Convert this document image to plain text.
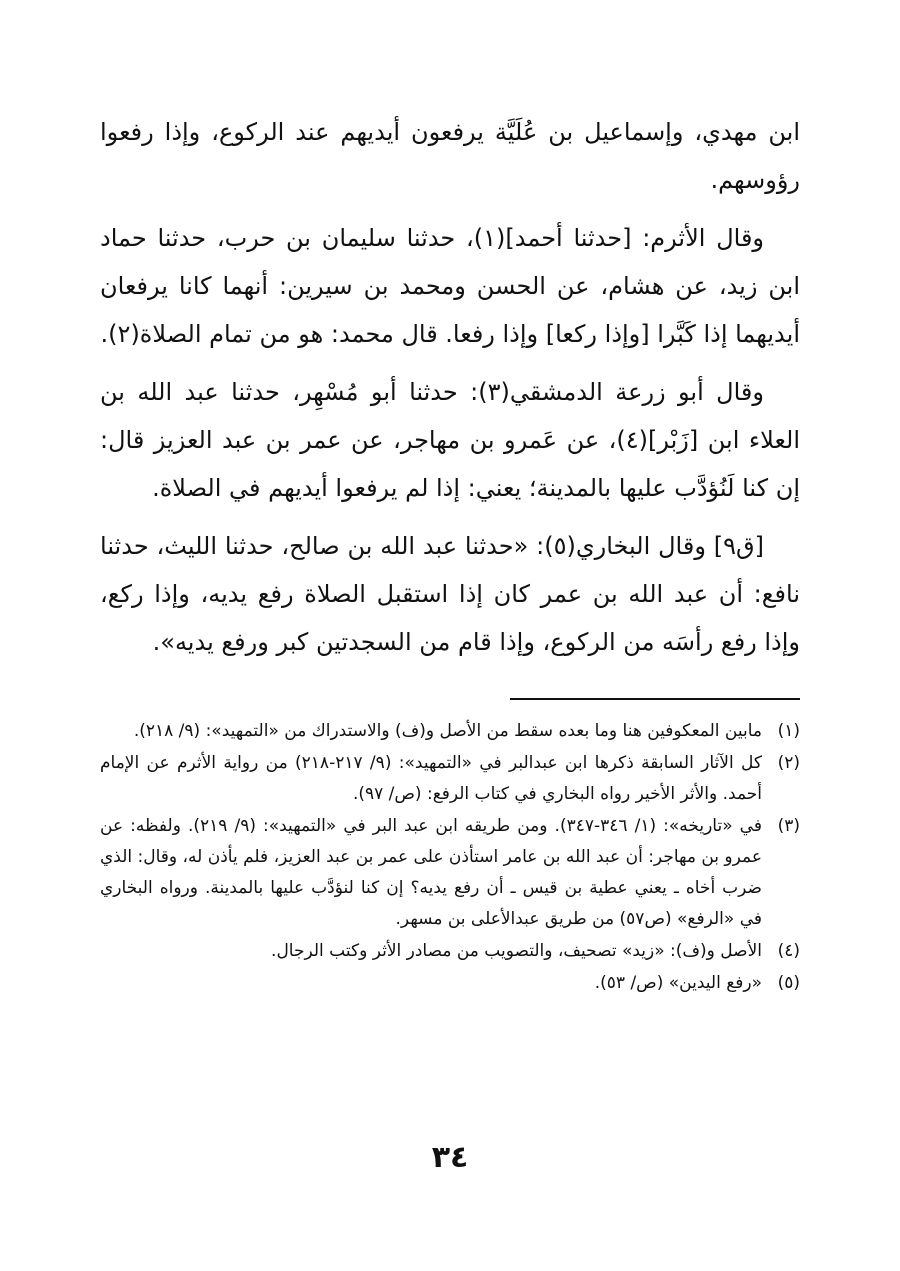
ابن مهدي، وإسماعيل بن عُلَيَّة يرفعون أيديهم عند الركوع، وإذا رفعوا رؤوسهم.

وقال الأثرم: [حدثنا أحمد](١)، حدثنا سليمان بن حرب، حدثنا حماد ابن زيد، عن هشام، عن الحسن ومحمد بن سيرين: أنهما كانا يرفعان أيديهما إذا كَبَّرا [وإذا ركعا] وإذا رفعا. قال محمد: هو من تمام الصلاة(٢).

وقال أبو زرعة الدمشقي(٣): حدثنا أبو مُسْهِر، حدثنا عبد الله بن العلاء ابن [زَبْر](٤)، عن عَمرو بن مهاجر، عن عمر بن عبد العزيز قال: إن كنا لَنُؤدَّب عليها بالمدينة؛ يعني: إذا لم يرفعوا أيديهم في الصلاة.

[ق٩] وقال البخاري(٥): «حدثنا عبد الله بن صالح، حدثنا الليث، حدثنا نافع: أن عبد الله بن عمر كان إذا استقبل الصلاة رفع يديه، وإذا ركع، وإذا رفع رأسَه من الركوع، وإذا قام من السجدتين كبر ورفع يديه».

(١)
مابين المعكوفين هنا وما بعده سقط من الأصل و(ف) والاستدراك من «التمهيد»: (٩/ ٢١٨).
(٢)
كل الآثار السابقة ذكرها ابن عبدالبر في «التمهيد»: (٩/ ٢١٧-٢١٨) من رواية الأثرم عن الإمام أحمد. والأثر الأخير رواه البخاري في كتاب الرفع: (ص/ ٩٧).
(٣)
في «تاريخه»: (١/ ٣٤٦-٣٤٧). ومن طريقه ابن عبد البر في «التمهيد»: (٩/ ٢١٩). ولفظه: عن عمرو بن مهاجر: أن عبد الله بن عامر استأذن على عمر بن عبد العزيز، فلم يأذن له، وقال: الذي ضرب أخاه ـ يعني عطية بن قيس ـ أن رفع يديه؟ إن كنا لنؤدَّب عليها بالمدينة. ورواه البخاري في «الرفع» (ص٥٧) من طريق عبدالأعلى بن مسهر.
(٤)
الأصل و(ف): «زيد» تصحيف، والتصويب من مصادر الأثر وكتب الرجال.
(٥)
«رفع اليدين» (ص/ ٥٣).
٣٤
